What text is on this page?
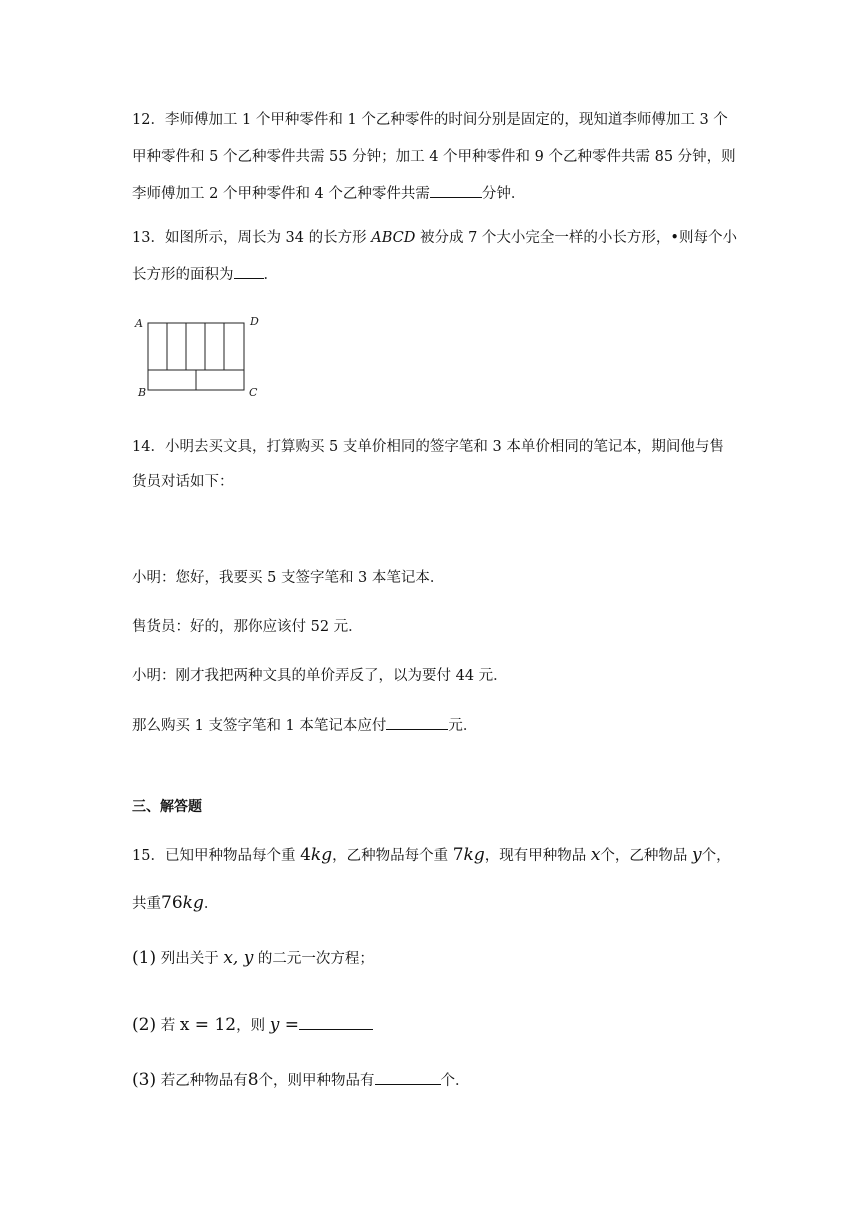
12．李师傅加工 1 个甲种零件和 1 个乙种零件的时间分别是固定的，现知道李师傅加工 3 个
甲种零件和 5 个乙种零件共需 55 分钟；加工 4 个甲种零件和 9 个乙种零件共需 85 分钟，则
李师傅加工 2 个甲种零件和 4 个乙种零件共需	分钟．
13．如图所示，周长为 34 的长方形 ABCD 被分成 7 个大小完全一样的小长方形，•则每个小
长方形的面积为 ．
A	D
B	C
14．小明去买文具，打算购买 5 支单价相同的签字笔和 3 本单价相同的笔记本，期间他与售
货员对话如下：
小明：您好，我要买 5 支签字笔和 3 本笔记本．
售货员：好的，那你应该付 52 元．
小明：刚才我把两种文具的单价弄反了，以为要付 44 元．
那么购买 1 支签字笔和 1 本笔记本应付	元．
三、解答题
15．已知甲种物品每个重 4kg，乙种物品每个重 7kg，现有甲种物品 x个，乙种物品 y个，
共重76kg．
(1) 列出关于 x, y 的二元一次方程；
(2) 若 x = 12，则 y =
(3) 若乙种物品有8个，则甲种物品有	个．
